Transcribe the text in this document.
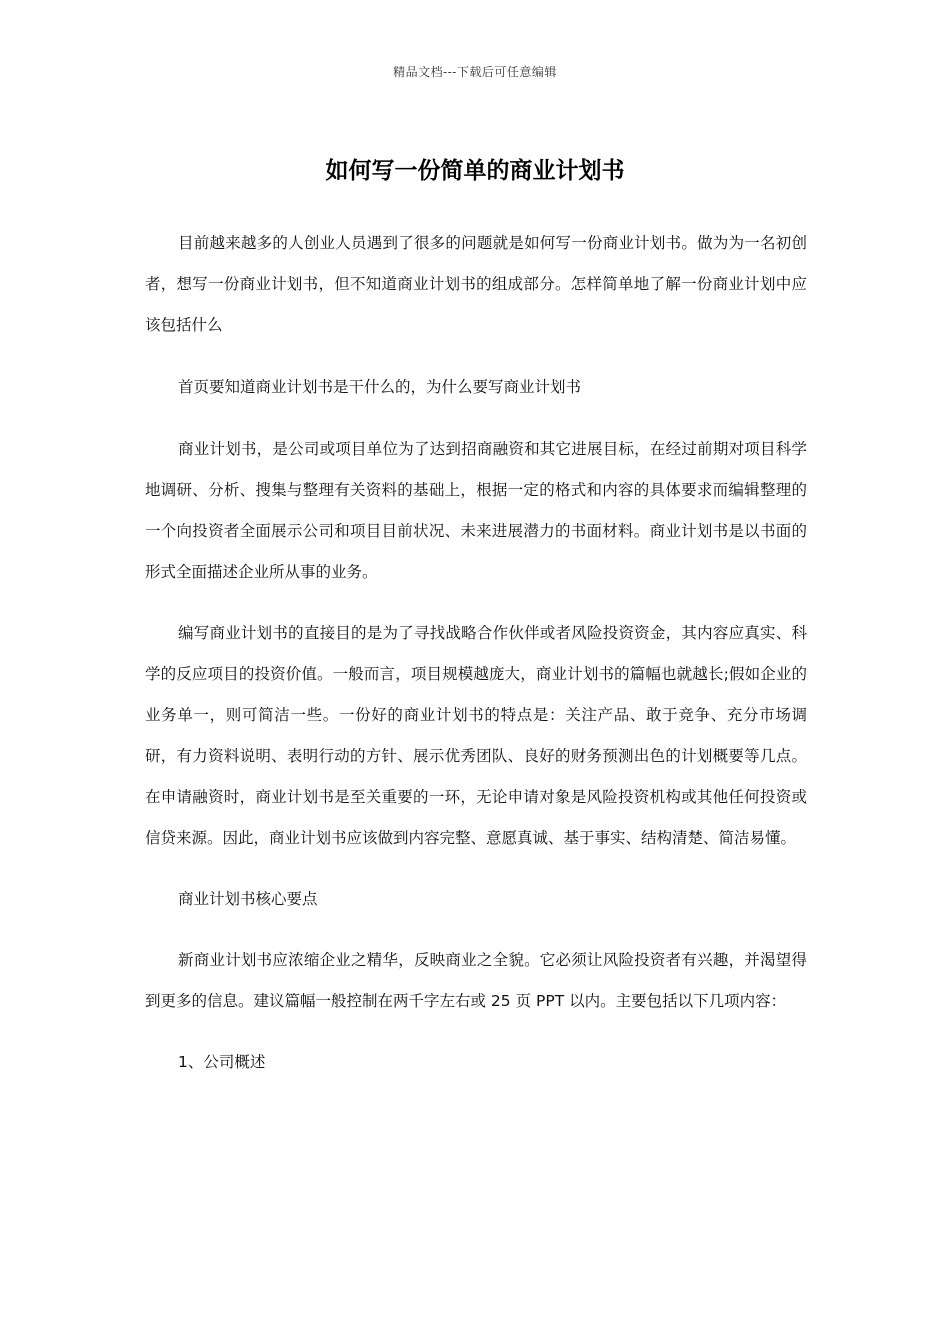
精品文档---下载后可任意编辑
如何写一份简单的商业计划书

目前越来越多的人创业人员遇到了很多的问题就是如何写一份商业计划书。做为为一名初创者，想写一份商业计划书，但不知道商业计划书的组成部分。怎样简单地了解一份商业计划中应该包括什么

首页要知道商业计划书是干什么的，为什么要写商业计划书

商业计划书，是公司或项目单位为了达到招商融资和其它进展目标，在经过前期对项目科学地调研、分析、搜集与整理有关资料的基础上，根据一定的格式和内容的具体要求而编辑整理的一个向投资者全面展示公司和项目目前状况、未来进展潜力的书面材料。商业计划书是以书面的形式全面描述企业所从事的业务。

编写商业计划书的直接目的是为了寻找战略合作伙伴或者风险投资资金，其内容应真实、科学的反应项目的投资价值。一般而言，项目规模越庞大，商业计划书的篇幅也就越长;假如企业的业务单一，则可简洁一些。一份好的商业计划书的特点是：关注产品、敢于竞争、充分市场调研，有力资料说明、表明行动的方针、展示优秀团队、良好的财务预测出色的计划概要等几点。在申请融资时，商业计划书是至关重要的一环，无论申请对象是风险投资机构或其他任何投资或信贷来源。因此，商业计划书应该做到内容完整、意愿真诚、基于事实、结构清楚、简洁易懂。

商业计划书核心要点

新商业计划书应浓缩企业之精华，反映商业之全貌。它必须让风险投资者有兴趣，并渴望得到更多的信息。建议篇幅一般控制在两千字左右或 25 页 PPT 以内。主要包括以下几项内容：

1、公司概述
